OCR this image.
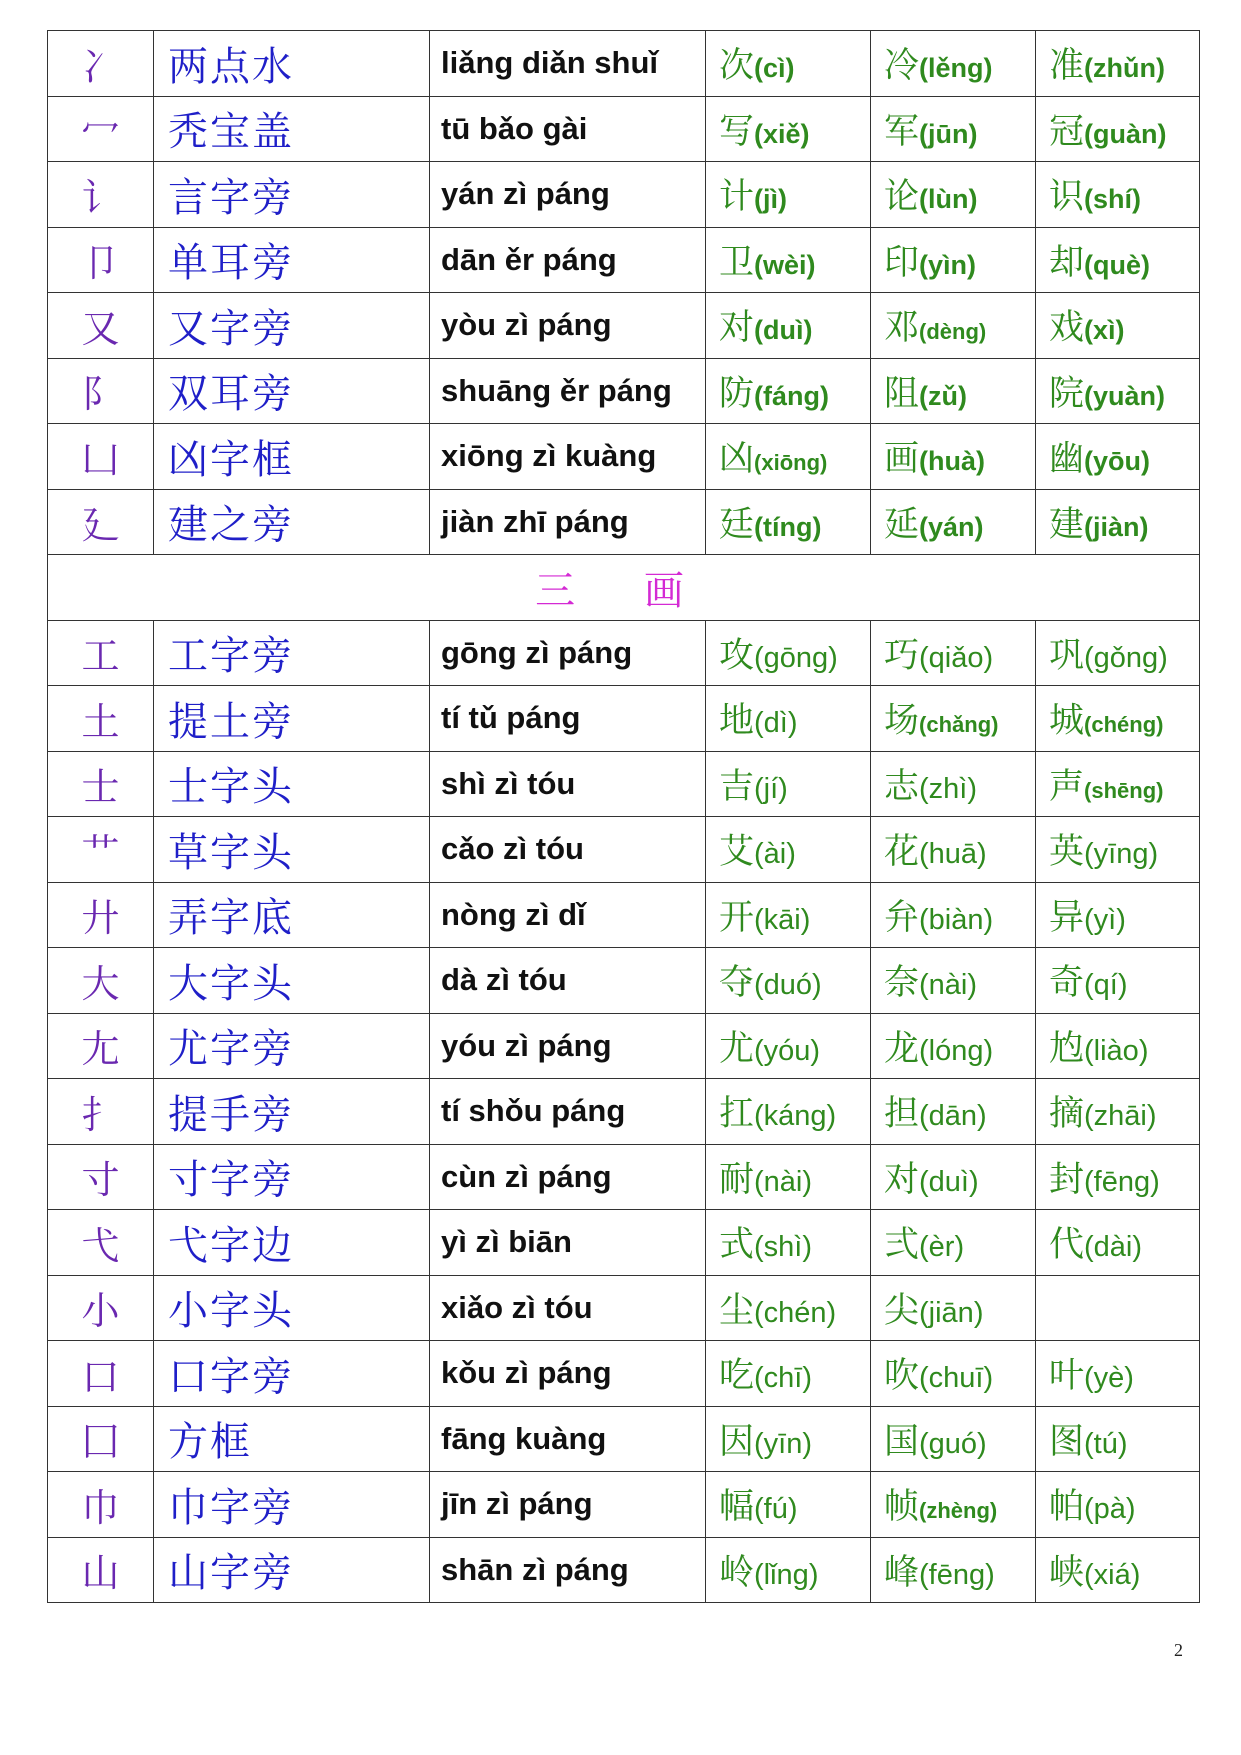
冫	两点水	liǎng diǎn shuǐ	次(cì)	冷(lěng)	准(zhǔn)
冖	秃宝盖	tū bǎo gài	写(xiě)	军(jūn)	冠(guàn)
讠	言字旁	yán zì páng	计(jì)	论(lùn)	识(shí)
卩	单耳旁	dān ěr páng	卫(wèi)	印(yìn)	却(què)
又	又字旁	yòu zì páng	对(duì)	邓(dèng)	戏(xì)
阝	双耳旁	shuāng ěr páng	防(fáng)	阻(zǔ)	院(yuàn)
凵	凶字框	xiōng zì kuàng	凶(xiōng)	画(huà)	幽(yōu)
廴	建之旁	jiàn zhī páng	廷(tíng)	延(yán)	建(jiàn)
三 画					
工	工字旁	gōng zì páng	攻(gōng)	巧(qiǎo)	巩(gǒng)
土	提土旁	tí tǔ páng	地(dì)	场(chǎng)	城(chéng)
士	士字头	shì zì tóu	吉(jí)	志(zhì)	声(shēng)
艹	草字头	cǎo zì tóu	艾(ài)	花(huā)	英(yīng)
廾	弄字底	nòng zì dǐ	开(kāi)	弁(biàn)	异(yì)
大	大字头	dà zì tóu	夺(duó)	奈(nài)	奇(qí)
尢	尤字旁	yóu zì páng	尤(yóu)	龙(lóng)	尥(liào)
扌	提手旁	tí shǒu páng	扛(káng)	担(dān)	摘(zhāi)
寸	寸字旁	cùn zì páng	耐(nài)	对(duì)	封(fēng)
弋	弋字边	yì zì biān	式(shì)	弍(èr)	代(dài)
小	小字头	xiǎo zì tóu	尘(chén)	尖(jiān)	
口	口字旁	kǒu zì páng	吃(chī)	吹(chuī)	叶(yè)
囗	方框	fāng kuàng	因(yīn)	国(guó)	图(tú)
巾	巾字旁	jīn zì páng	幅(fú)	帧(zhèng)	帕(pà)
山	山字旁	shān zì páng	岭(lǐng)	峰(fēng)	峡(xiá)
2
